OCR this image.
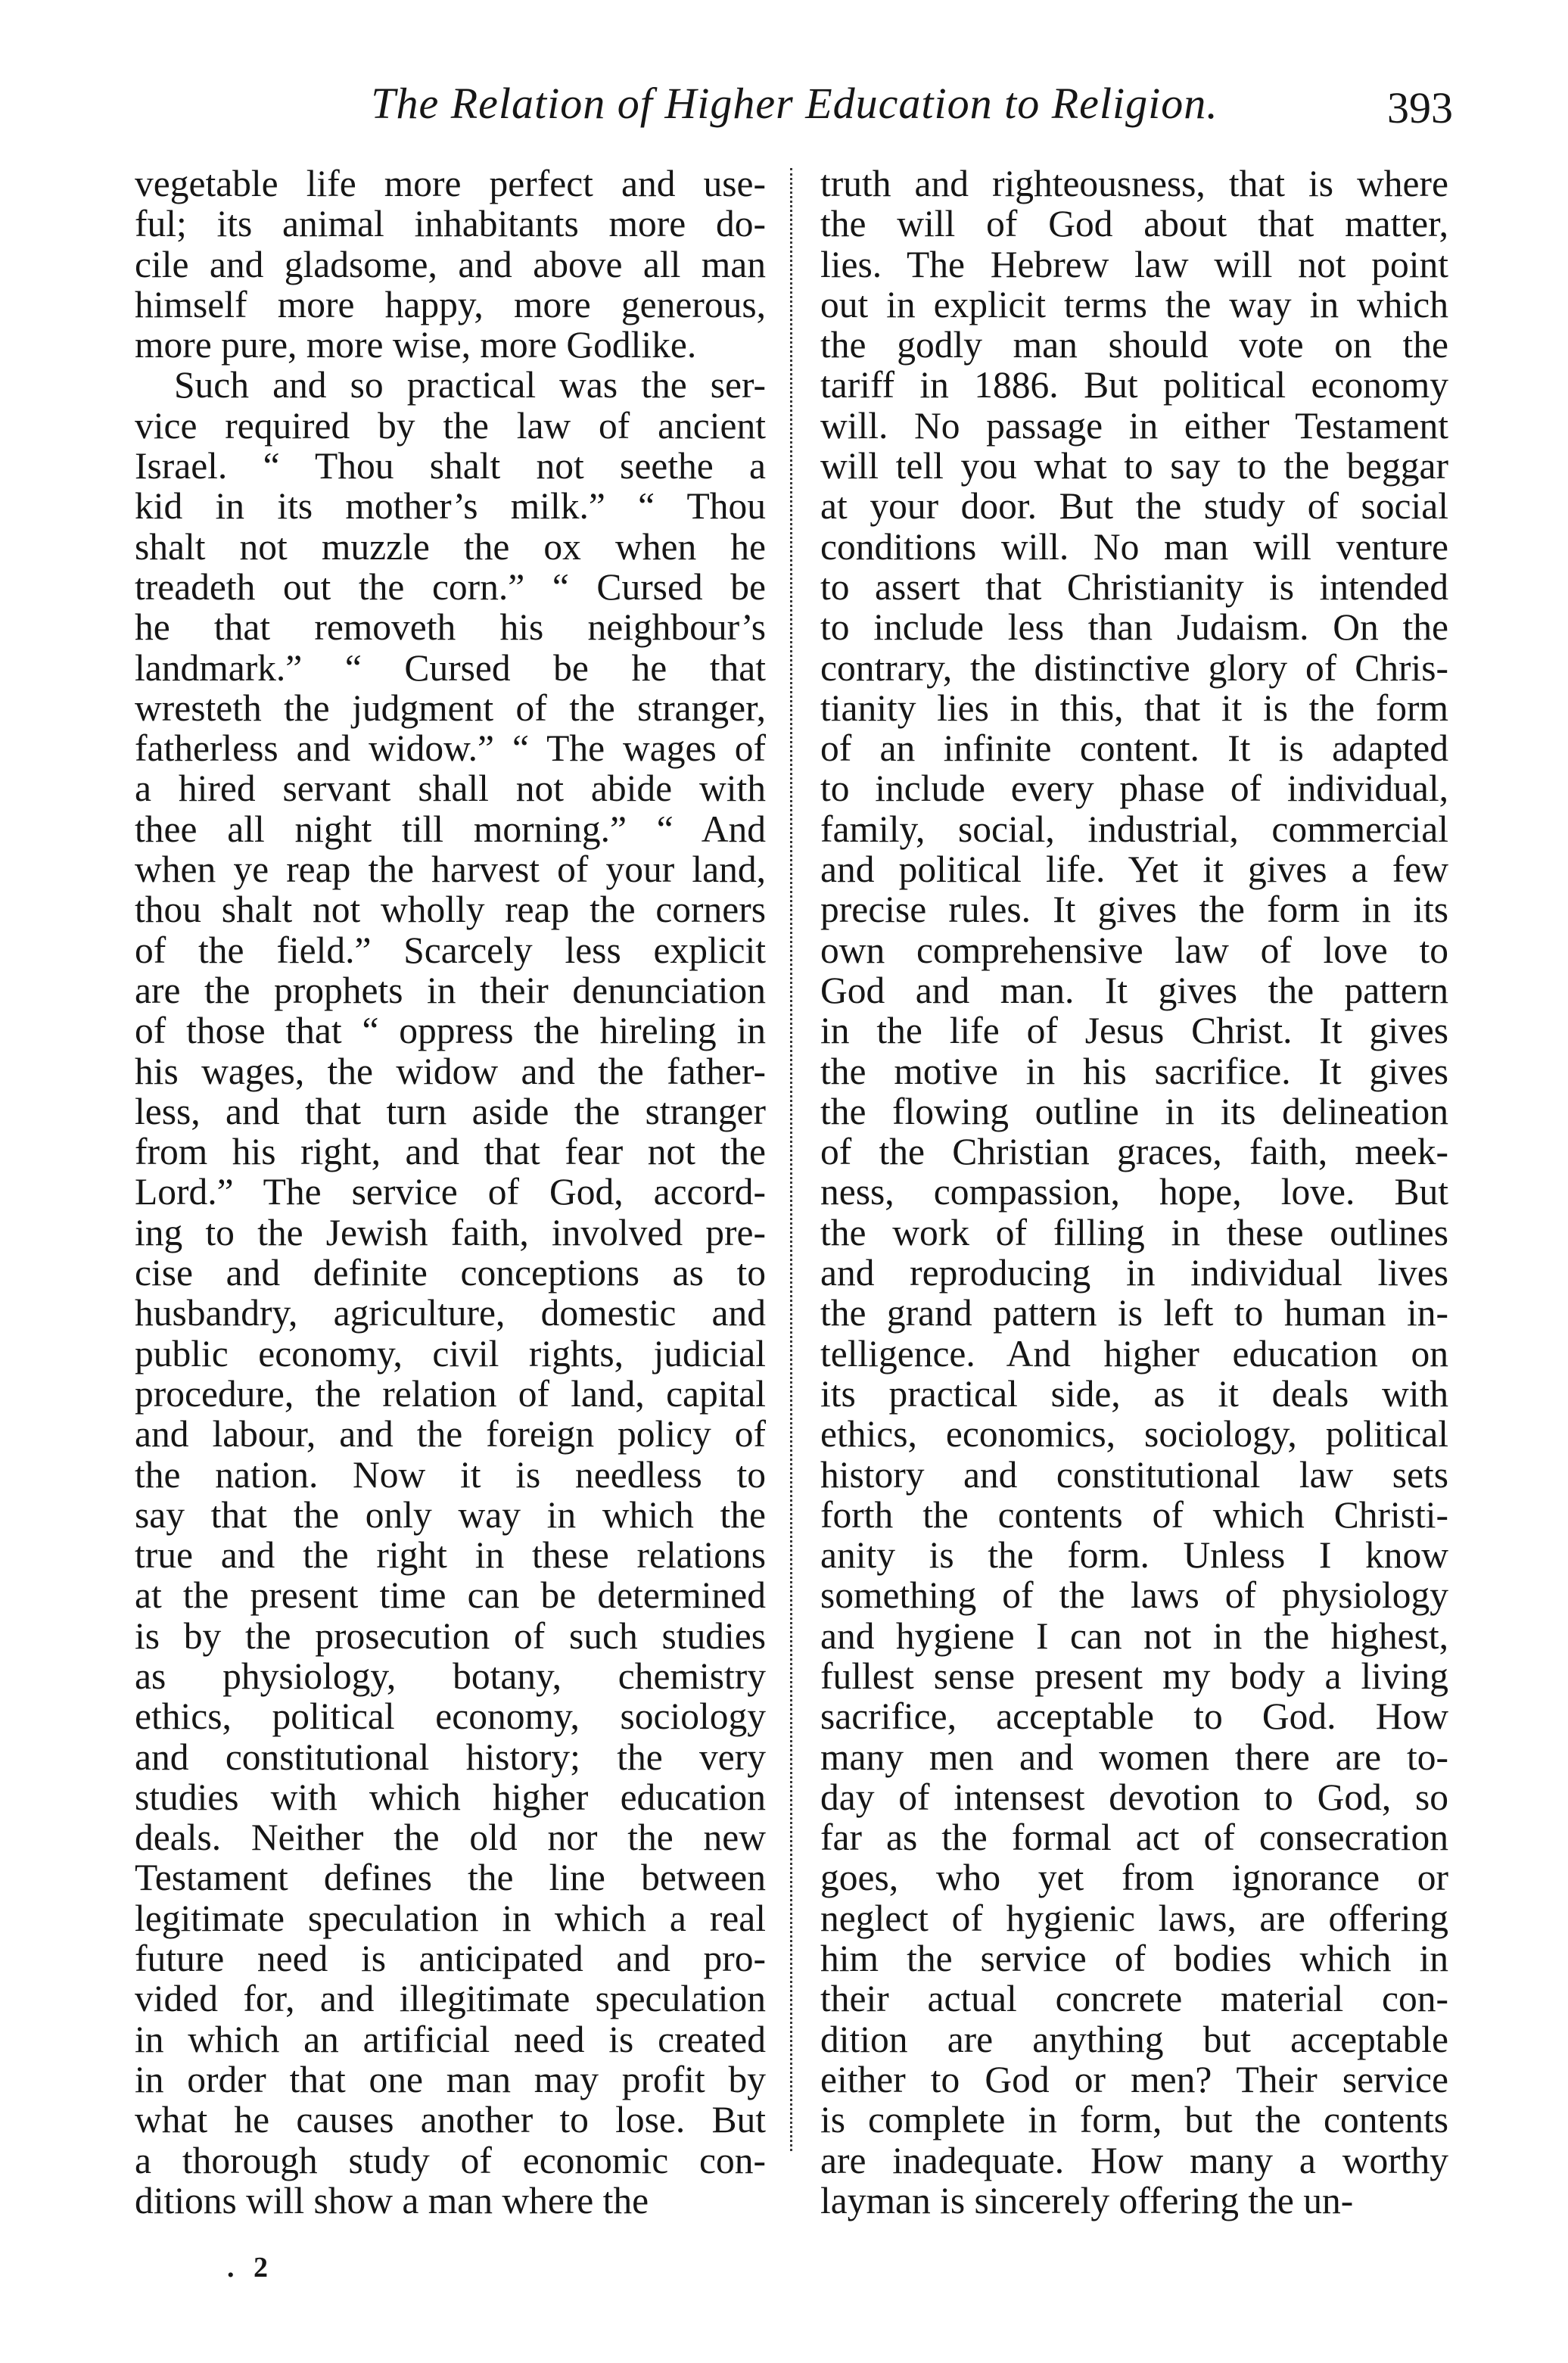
The Relation of Higher Education to Religion.	393
vegetable life more perfect and use-
ful; its animal inhabitants more do-
cile and gladsome, and above all man
himself more happy, more generous,
more pure, more wise, more Godlike.
Such and so practical was the ser-
vice required by the law of ancient
Israel. “ Thou shalt not seethe a
kid in its mother’s milk.” “ Thou
shalt not muzzle the ox when he
treadeth out the corn.” “ Cursed be
he that removeth his neighbour’s
landmark.” “ Cursed be he that
wresteth the judgment of the stranger,
fatherless and widow.” “ The wages of
a hired servant shall not abide with
thee all night till morning.” “ And
when ye reap the harvest of your land,
thou shalt not wholly reap the corners
of the field.” Scarcely less explicit
are the prophets in their denunciation
of those that “ oppress the hireling in
his wages, the widow and the father-
less, and that turn aside the stranger
from his right, and that fear not the
Lord.” The service of God, accord-
ing to the Jewish faith, involved pre-
cise and definite conceptions as to
husbandry, agriculture, domestic and
public economy, civil rights, judicial
procedure, the relation of land, capital
and labour, and the foreign policy of
the nation. Now it is needless to
say that the only way in which the
true and the right in these relations
at the present time can be determined
is by the prosecution of such studies
as physiology, botany, chemistry
ethics, political economy, sociology
and constitutional history; the very
studies with which higher education
deals. Neither the old nor the new
Testament defines the line between
legitimate speculation in which a real
future need is anticipated and pro-
vided for, and illegitimate speculation
in which an artificial need is created
in order that one man may profit by
what he causes another to lose. But
a thorough study of economic con-
ditions will show a man where the
truth and righteousness, that is where
the will of God about that matter,
lies. The Hebrew law will not point
out in explicit terms the way in which
the godly man should vote on the
tariff in 1886. But political economy
will. No passage in either Testament
will tell you what to say to the beggar
at your door. But the study of social
conditions will. No man will venture
to assert that Christianity is intended
to include less than Judaism. On the
contrary, the distinctive glory of Chris-
tianity lies in this, that it is the form
of an infinite content. It is adapted
to include every phase of individual,
family, social, industrial, commercial
and political life. Yet it gives a few
precise rules. It gives the form in its
own comprehensive law of love to
God and man. It gives the pattern
in the life of Jesus Christ. It gives
the motive in his sacrifice. It gives
the flowing outline in its delineation
of the Christian graces, faith, meek-
ness, compassion, hope, love. But
the work of filling in these outlines
and reproducing in individual lives
the grand pattern is left to human in-
telligence. And higher education on
its practical side, as it deals with
ethics, economics, sociology, political
history and constitutional law sets
forth the contents of which Christi-
anity is the form. Unless I know
something of the laws of physiology
and hygiene I can not in the highest,
fullest sense present my body a living
sacrifice, acceptable to God. How
many men and women there are to-
day of intensest devotion to God, so
far as the formal act of consecration
goes, who yet from ignorance or
neglect of hygienic laws, are offering
him the service of bodies which in
their actual concrete material con-
dition are anything but acceptable
either to God or men? Their service
is complete in form, but the contents
are inadequate. How many a worthy
layman is sincerely offering the un-
. 2
